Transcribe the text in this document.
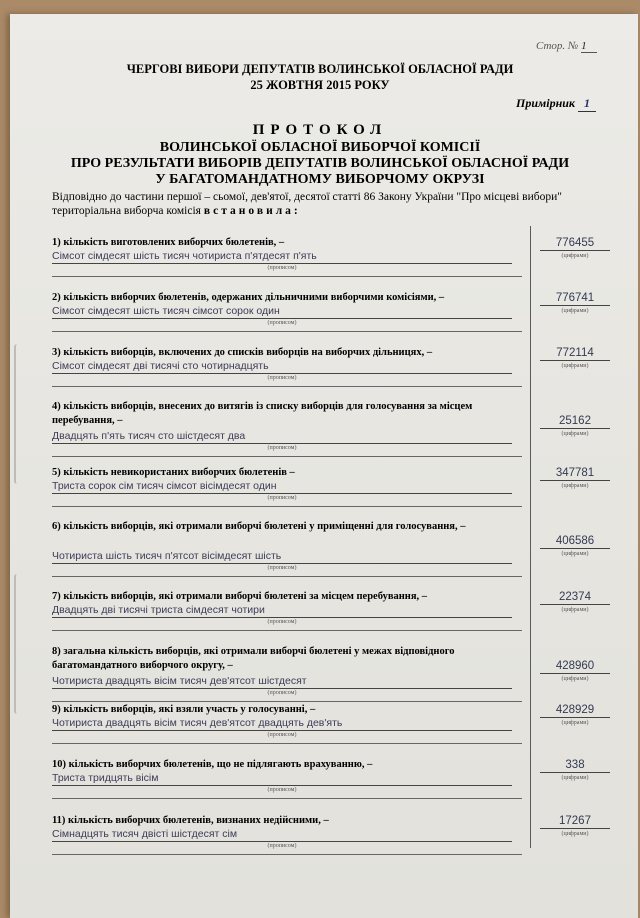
Стор. № 1
ЧЕРГОВІ ВИБОРИ ДЕПУТАТІВ ВОЛИНСЬКОЇ ОБЛАСНОЇ РАДИ
25 ЖОВТНЯ 2015 РОКУ
Примірник 1
ПРОТОКОЛ
ВОЛИНСЬКОЇ ОБЛАСНОЇ ВИБОРЧОЇ КОМІСІЇ
ПРО РЕЗУЛЬТАТИ ВИБОРІВ ДЕПУТАТІВ ВОЛИНСЬКОЇ ОБЛАСНОЇ РАДИ
У БАГАТОМАНДАТНОМУ ВИБОРЧОМУ ОКРУЗІ
Відповідно до частини першої – сьомої, дев'ятої, десятої статті 86 Закону України "Про місцеві вибори" територіальна виборча комісія встановила:
1) кількість виготовлених виборчих бюлетенів, –
Сімсот сімдесят шість тисяч чотириста п'ятдесят п'ять
(прописом)
776455
(цифрами)
2) кількість виборчих бюлетенів, одержаних дільничними виборчими комісіями, –
Сімсот сімдесят шість тисяч сімсот сорок один
(прописом)
776741
(цифрами)
3) кількість виборців, включених до списків виборців на виборчих дільницях, –
Сімсот сімдесят дві тисячі сто чотирнадцять
(прописом)
772114
(цифрами)
4) кількість виборців, внесених до витягів із списку виборців для голосування за місцем перебування, –
Двадцять п'ять тисяч сто шістдесят два
(прописом)
25162
(цифрами)
5) кількість невикористаних виборчих бюлетенів –
Триста сорок сім тисяч сімсот вісімдесят один
(прописом)
347781
(цифрами)
6) кількість виборців, які отримали виборчі бюлетені у приміщенні для голосування, –
Чотириста шість тисяч п'ятсот вісімдесят шість
(прописом)
406586
(цифрами)
7) кількість виборців, які отримали виборчі бюлетені за місцем перебування, –
Двадцять дві тисячі триста сімдесят чотири
(прописом)
22374
(цифрами)
8) загальна кількість виборців, які отримали виборчі бюлетені у межах відповідного багатомандатного виборчого округу, –
Чотириста двадцять вісім тисяч дев'ятсот шістдесят
(прописом)
428960
(цифрами)
9) кількість виборців, які взяли участь у голосуванні, –
Чотириста двадцять вісім тисяч дев'ятсот двадцять дев'ять
(прописом)
428929
(цифрами)
10) кількість виборчих бюлетенів, що не підлягають врахуванню, –
Триста тридцять вісім
(прописом)
338
(цифрами)
11) кількість виборчих бюлетенів, визнаних недійсними, –
Сімнадцять тисяч двісті шістдесят сім
(прописом)
17267
(цифрами)
